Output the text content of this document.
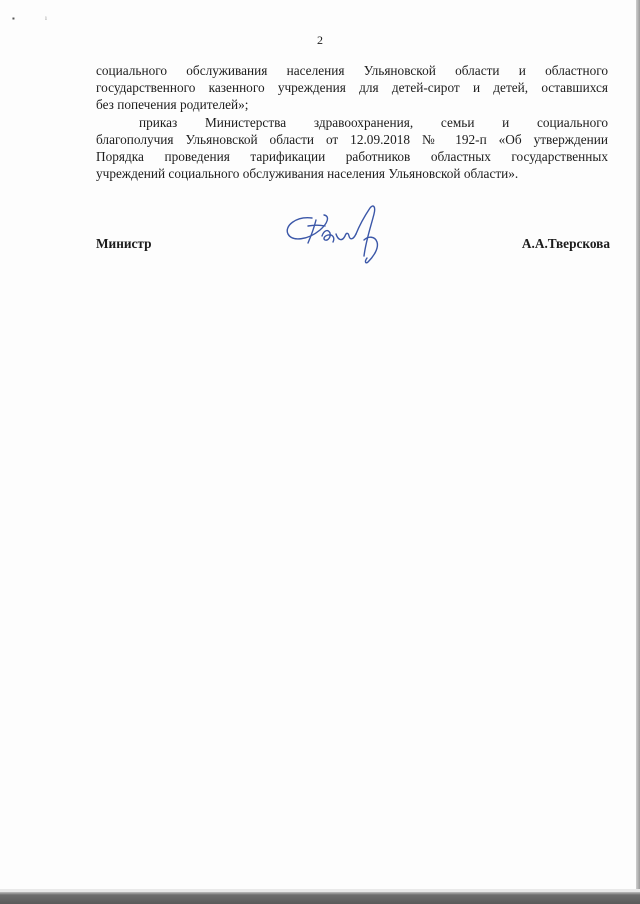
▪	ı
2
социального обслуживания населения Ульяновской области и областного
государственного казенного учреждения для детей-сирот и детей, оставшихся
без попечения родителей»;
приказ Министерства здравоохранения, семьи и социального
благополучия Ульяновской области от 12.09.2018 № 192-п «Об утверждении
Порядка проведения тарификации работников областных государственных
учреждений социального обслуживания населения Ульяновской области».
Министр	А.А.Тверскова
